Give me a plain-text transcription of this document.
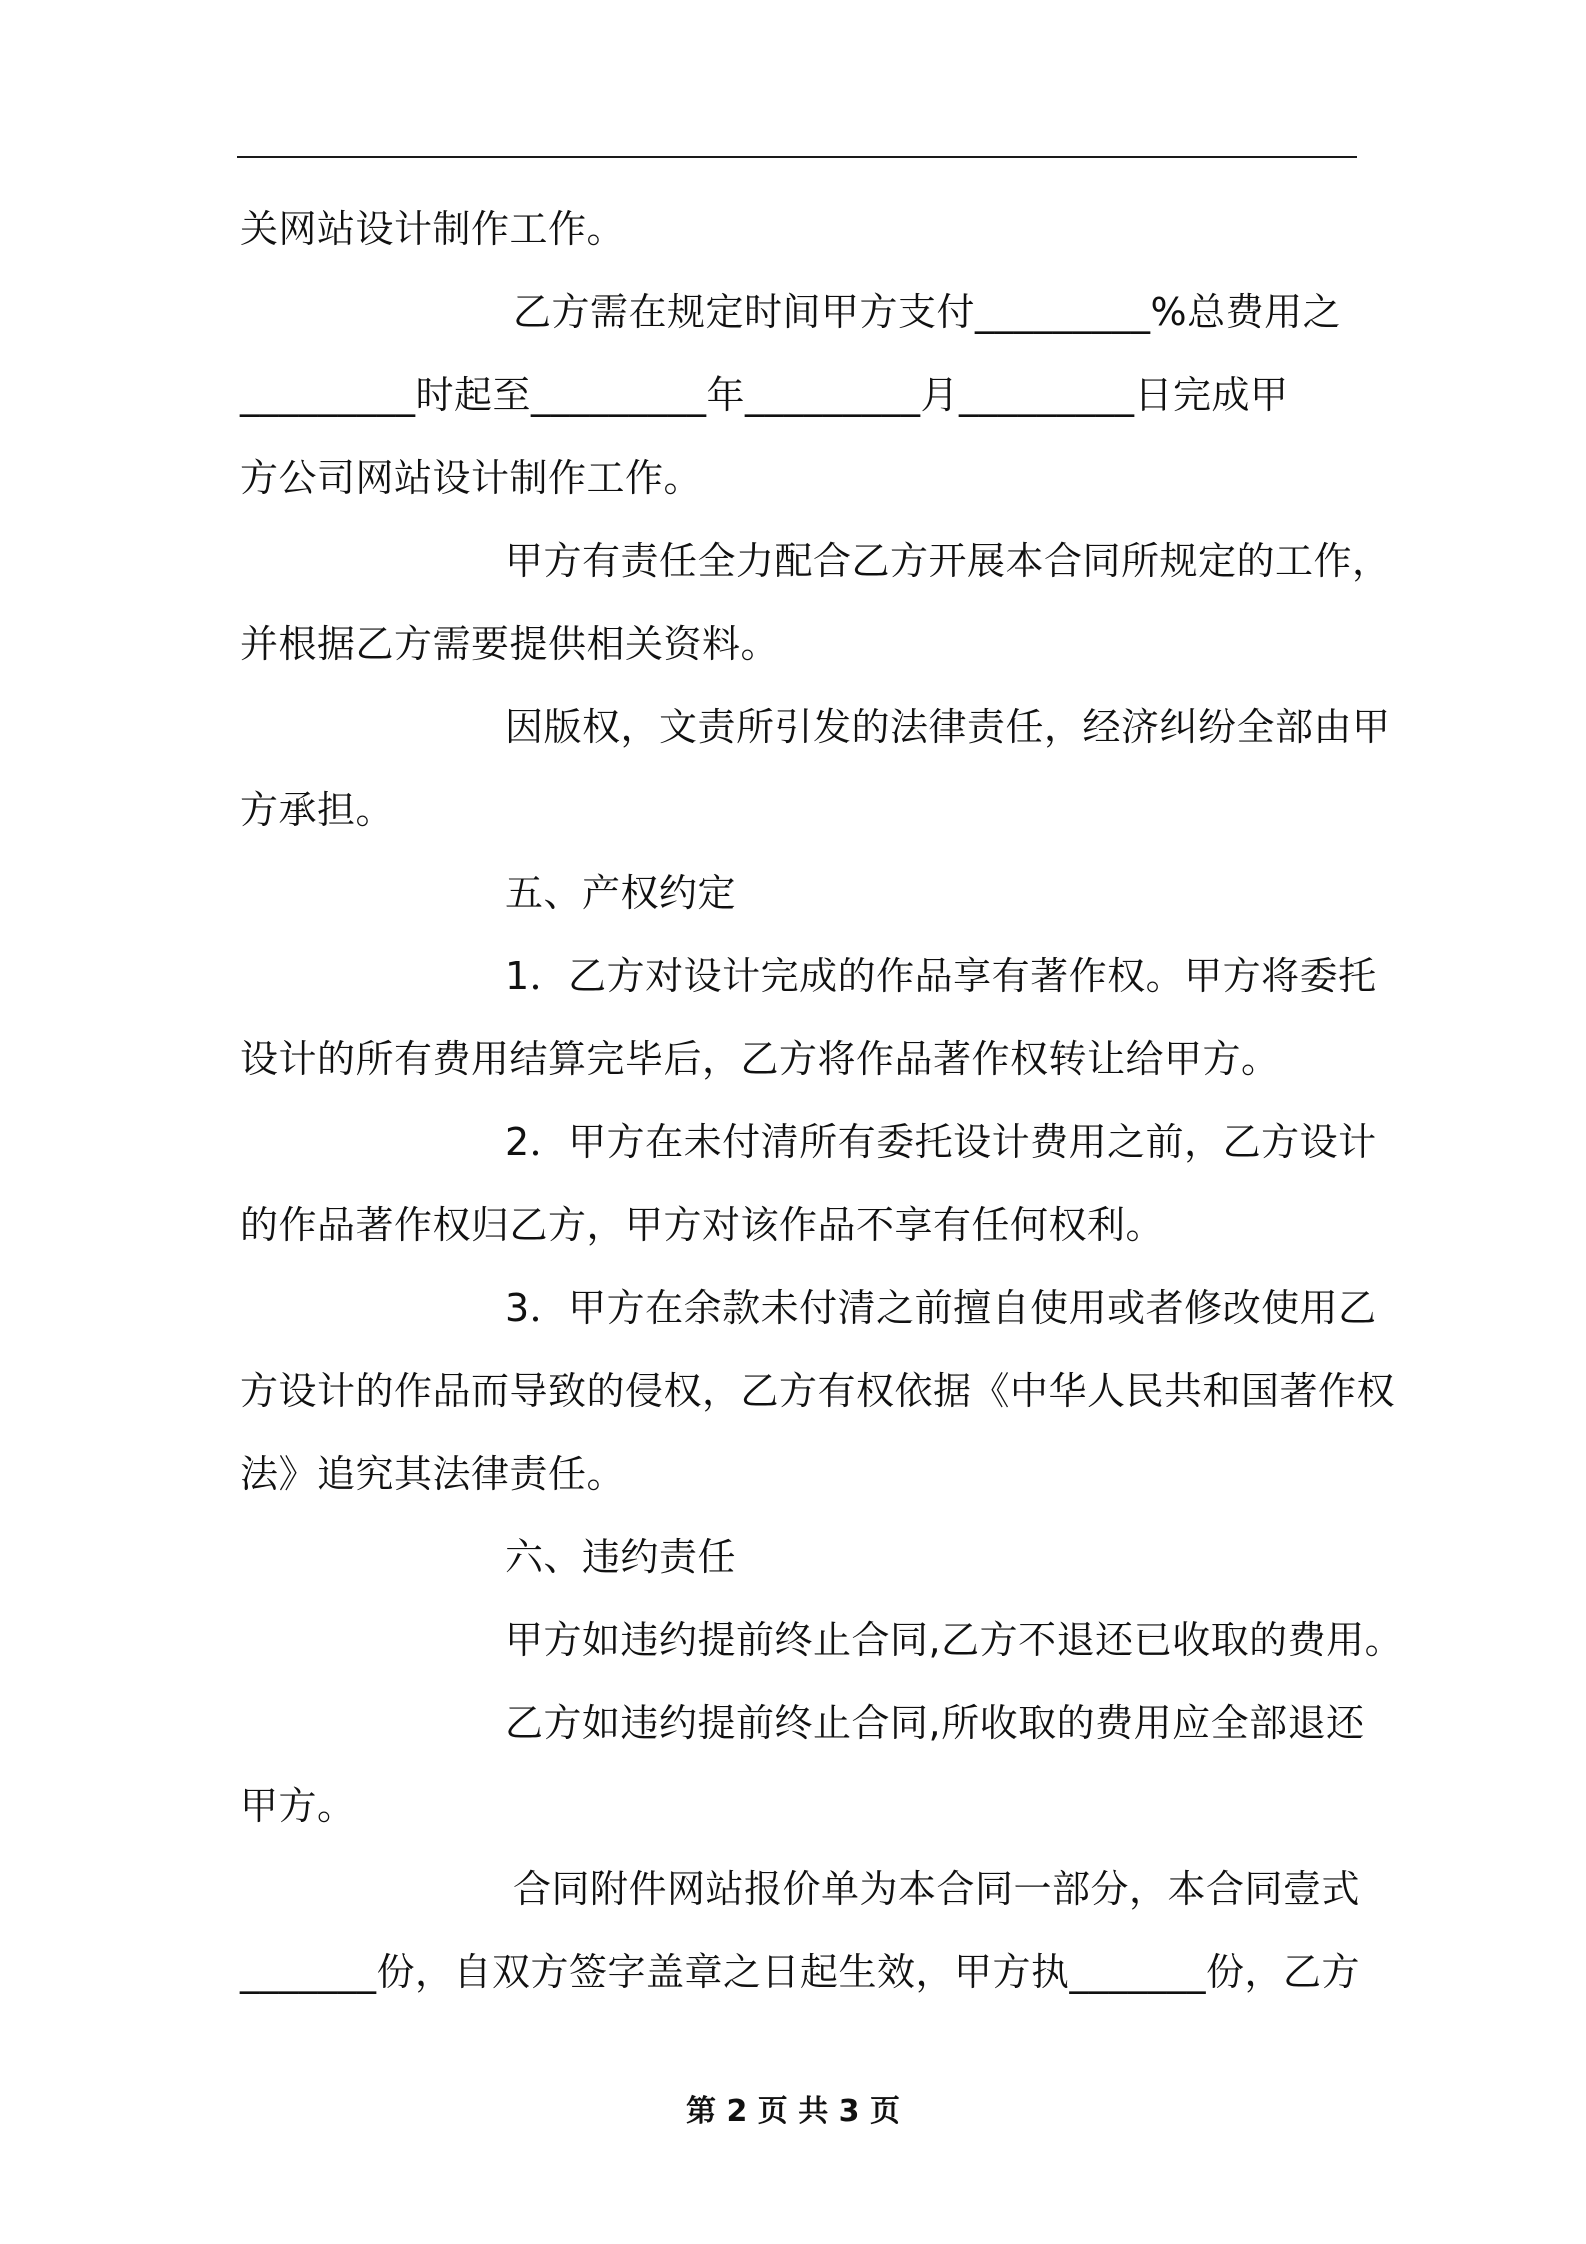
关网站设计制作工作。

乙方需在规定时间甲方支付_________%总费用之

_________时起至_________年_________月_________日完成甲

方公司网站设计制作工作。

甲方有责任全力配合乙方开展本合同所规定的工作，

并根据乙方需要提供相关资料。

因版权，文责所引发的法律责任，经济纠纷全部由甲

方承担。

五、产权约定

1．乙方对设计完成的作品享有著作权。甲方将委托

设计的所有费用结算完毕后，乙方将作品著作权转让给甲方。

2．甲方在未付清所有委托设计费用之前，乙方设计

的作品著作权归乙方，甲方对该作品不享有任何权利。

3．甲方在余款未付清之前擅自使用或者修改使用乙

方设计的作品而导致的侵权，乙方有权依据《中华人民共和国著作权

法》追究其法律责任。

六、违约责任

甲方如违约提前终止合同,乙方不退还已收取的费用。

乙方如违约提前终止合同,所收取的费用应全部退还

甲方。

合同附件网站报价单为本合同一部分，本合同壹式

_______份，自双方签字盖章之日起生效，甲方执_______份，乙方

第 2 页 共 3 页
